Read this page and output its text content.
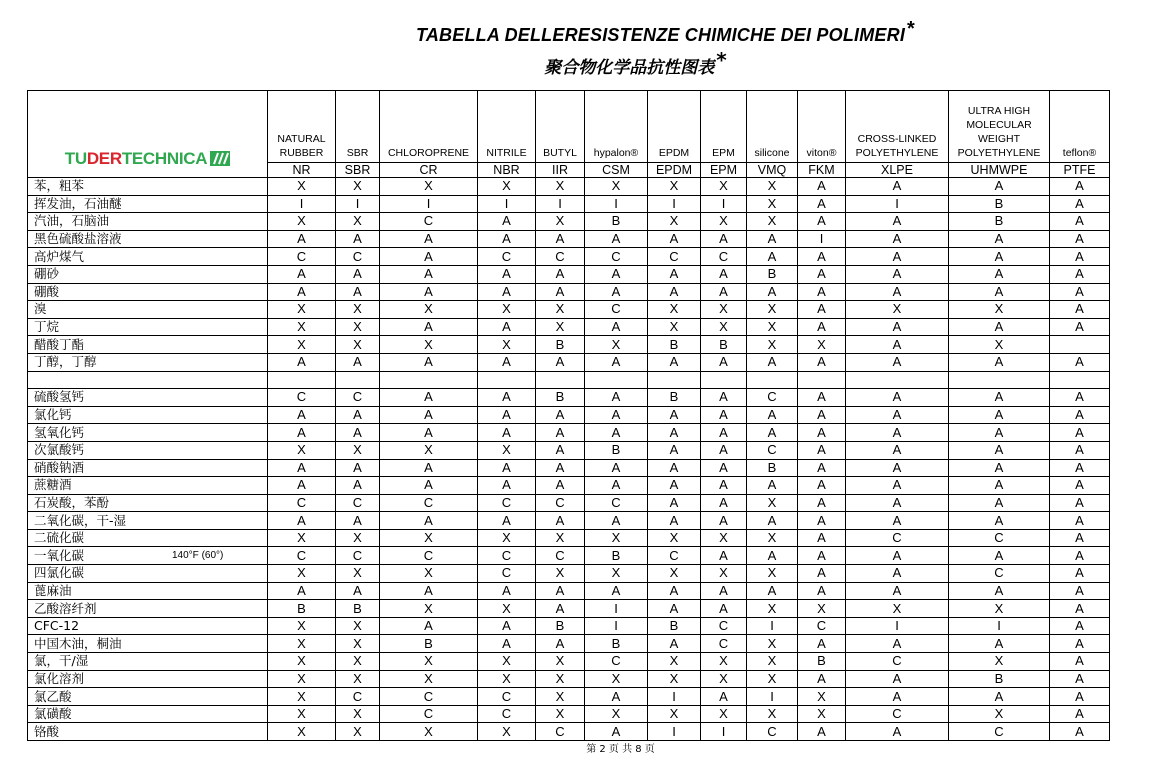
TABELLA DELLERESISTENZE CHIMICHE DEI POLIMERI *
聚合物化学品抗性图表 *
TUDERTECHNICA	NATURAL RUBBER	SBR	CHLOROPRENE	NITRILE	BUTYL	hypalon®	EPDM	EPM	silicone	viton®	CROSS-LINKED POLYETHYLENE	ULTRA HIGH MOLECULAR WEIGHT POLYETHYLENE	teflon®
	NR	SBR	CR	NBR	IIR	CSM	EPDM	EPM	VMQ	FKM	XLPE	UHMWPE	PTFE
苯，粗苯	X	X	X	X	X	X	X	X	X	A	A	A	A
挥发油，石油醚	I	I	I	I	I	I	I	I	X	A	I	B	A
汽油，石脑油	X	X	C	A	X	B	X	X	X	A	A	B	A
黑色硫酸盐溶液	A	A	A	A	A	A	A	A	A	I	A	A	A
高炉煤气	C	C	A	C	C	C	C	C	A	A	A	A	A
硼砂	A	A	A	A	A	A	A	A	B	A	A	A	A
硼酸	A	A	A	A	A	A	A	A	A	A	A	A	A
溴	X	X	X	X	X	C	X	X	X	A	X	X	A
丁烷	X	X	A	A	X	A	X	X	X	A	A	A	A
醋酸丁酯	X	X	X	X	B	X	B	B	X	X	A	X	
丁醇，丁醇	A	A	A	A	A	A	A	A	A	A	A	A	A

硫酸氢钙	C	C	A	A	B	A	B	A	C	A	A	A	A
氯化钙	A	A	A	A	A	A	A	A	A	A	A	A	A
氢氧化钙	A	A	A	A	A	A	A	A	A	A	A	A	A
次氯酸钙	X	X	X	X	A	B	A	A	C	A	A	A	A
硝酸钠酒	A	A	A	A	A	A	A	A	B	A	A	A	A
蔗糖酒	A	A	A	A	A	A	A	A	A	A	A	A	A
石炭酸，苯酚	C	C	C	C	C	C	A	A	X	A	A	A	A
二氧化碳，干-湿	A	A	A	A	A	A	A	A	A	A	A	A	A
二硫化碳	X	X	X	X	X	X	X	X	X	A	C	C	A
一氧化碳 140°F (60°)	C	C	C	C	C	B	C	A	A	A	A	A	A
四氯化碳	X	X	X	C	X	X	X	X	X	A	A	C	A
蓖麻油	A	A	A	A	A	A	A	A	A	A	A	A	A
乙酸溶纤剂	B	B	X	X	A	I	A	A	X	X	X	X	A
CFC-12	X	X	A	A	B	I	B	C	I	C	I	I	A
中国木油，桐油	X	X	B	A	A	B	A	C	X	A	A	A	A
氯，干/湿	X	X	X	X	X	C	X	X	X	B	C	X	A
氯化溶剂	X	X	X	X	X	X	X	X	X	A	A	B	A
氯乙酸	X	C	C	C	X	A	I	A	I	X	A	A	A
氯磺酸	X	X	C	C	X	X	X	X	X	X	C	X	A
铬酸	X	X	X	X	C	A	I	I	C	A	A	C	A
第 2 页 共 8 页
